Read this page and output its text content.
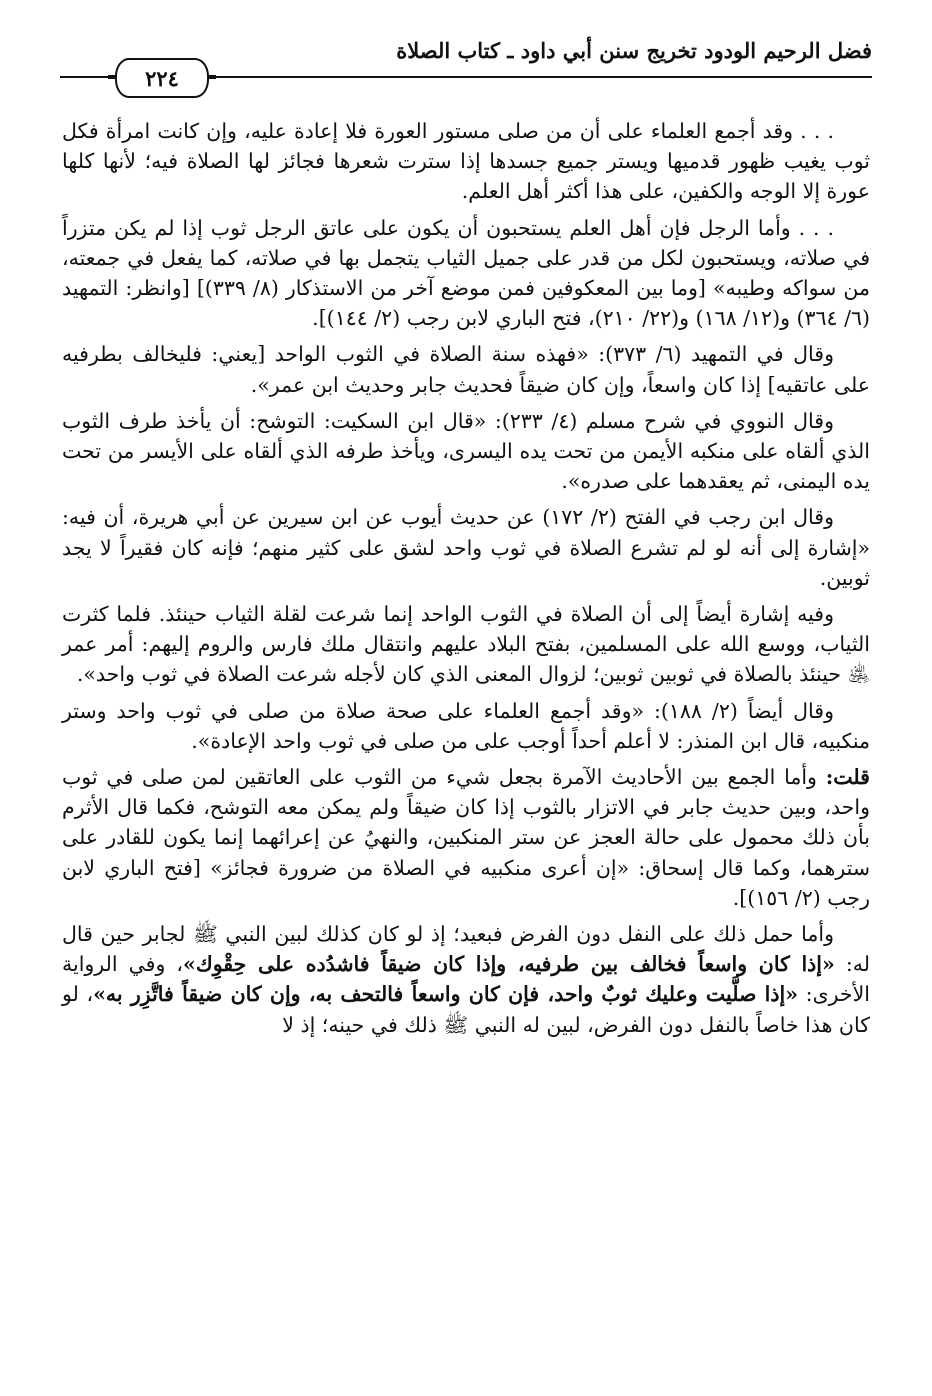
فضل الرحيم الودود تخريج سنن أبي داود ـ كتاب الصلاة
٢٢٤

. . . وقد أجمع العلماء على أن من صلى مستور العورة فلا إعادة عليه، وإن كانت امرأة فكل ثوب يغيب ظهور قدميها ويستر جميع جسدها إذا سترت شعرها فجائز لها الصلاة فيه؛ لأنها كلها عورة إلا الوجه والكفين، على هذا أكثر أهل العلم.

. . . وأما الرجل فإن أهل العلم يستحبون أن يكون على عاتق الرجل ثوب إذا لم يكن متزراً في صلاته، ويستحبون لكل من قدر على جميل الثياب يتجمل بها في صلاته، كما يفعل في جمعته، من سواكه وطيبه» [وما بين المعكوفين فمن موضع آخر من الاستذكار (٨/ ٣٣٩)] [وانظر: التمهيد (٦/ ٣٦٤) و(١٢/ ١٦٨) و(٢٢/ ٢١٠)، فتح الباري لابن رجب (٢/ ١٤٤)].

وقال في التمهيد (٦/ ٣٧٣): «فهذه سنة الصلاة في الثوب الواحد [يعني: فليخالف بطرفيه على عاتقيه] إذا كان واسعاً، وإن كان ضيقاً فحديث جابر وحديث ابن عمر».

وقال النووي في شرح مسلم (٤/ ٢٣٣): «قال ابن السكيت: التوشح: أن يأخذ طرف الثوب الذي ألقاه على منكبه الأيمن من تحت يده اليسرى، ويأخذ طرفه الذي ألقاه على الأيسر من تحت يده اليمنى، ثم يعقدهما على صدره».

وقال ابن رجب في الفتح (٢/ ١٧٢) عن حديث أيوب عن ابن سيرين عن أبي هريرة، أن فيه: «إشارة إلى أنه لو لم تشرع الصلاة في ثوب واحد لشق على كثير منهم؛ فإنه كان فقيراً لا يجد ثوبين.

وفيه إشارة أيضاً إلى أن الصلاة في الثوب الواحد إنما شرعت لقلة الثياب حينئذ. فلما كثرت الثياب، ووسع الله على المسلمين، بفتح البلاد عليهم وانتقال ملك فارس والروم إليهم: أمر عمر ﵁ حينئذ بالصلاة في ثوبين ثوبين؛ لزوال المعنى الذي كان لأجله شرعت الصلاة في ثوب واحد».

وقال أيضاً (٢/ ١٨٨): «وقد أجمع العلماء على صحة صلاة من صلى في ثوب واحد وستر منكبيه، قال ابن المنذر: لا أعلم أحداً أوجب على من صلى في ثوب واحد الإعادة».

قلت: وأما الجمع بين الأحاديث الآمرة بجعل شيء من الثوب على العاتقين لمن صلى في ثوب واحد، وبين حديث جابر في الاتزار بالثوب إذا كان ضيقاً ولم يمكن معه التوشح، فكما قال الأثرم بأن ذلك محمول على حالة العجز عن ستر المنكبين، والنهيُ عن إعرائهما إنما يكون للقادر على سترهما، وكما قال إسحاق: «إن أعرى منكبيه في الصلاة من ضرورة فجائز» [فتح الباري لابن رجب (٢/ ١٥٦)].

وأما حمل ذلك على النفل دون الفرض فبعيد؛ إذ لو كان كذلك لبين النبي ﷺ لجابر حين قال له: «إذا كان واسعاً فخالف بين طرفيه، وإذا كان ضيقاً فاشدُده على حِقْوِك»، وفي الرواية الأخرى: «إذا صلَّيت وعليك ثوبٌ واحد، فإن كان واسعاً فالتحف به، وإن كان ضيقاً فاتَّزِر به»، لو كان هذا خاصاً بالنفل دون الفرض، لبين له النبي ﷺ ذلك في حينه؛ إذ لا
